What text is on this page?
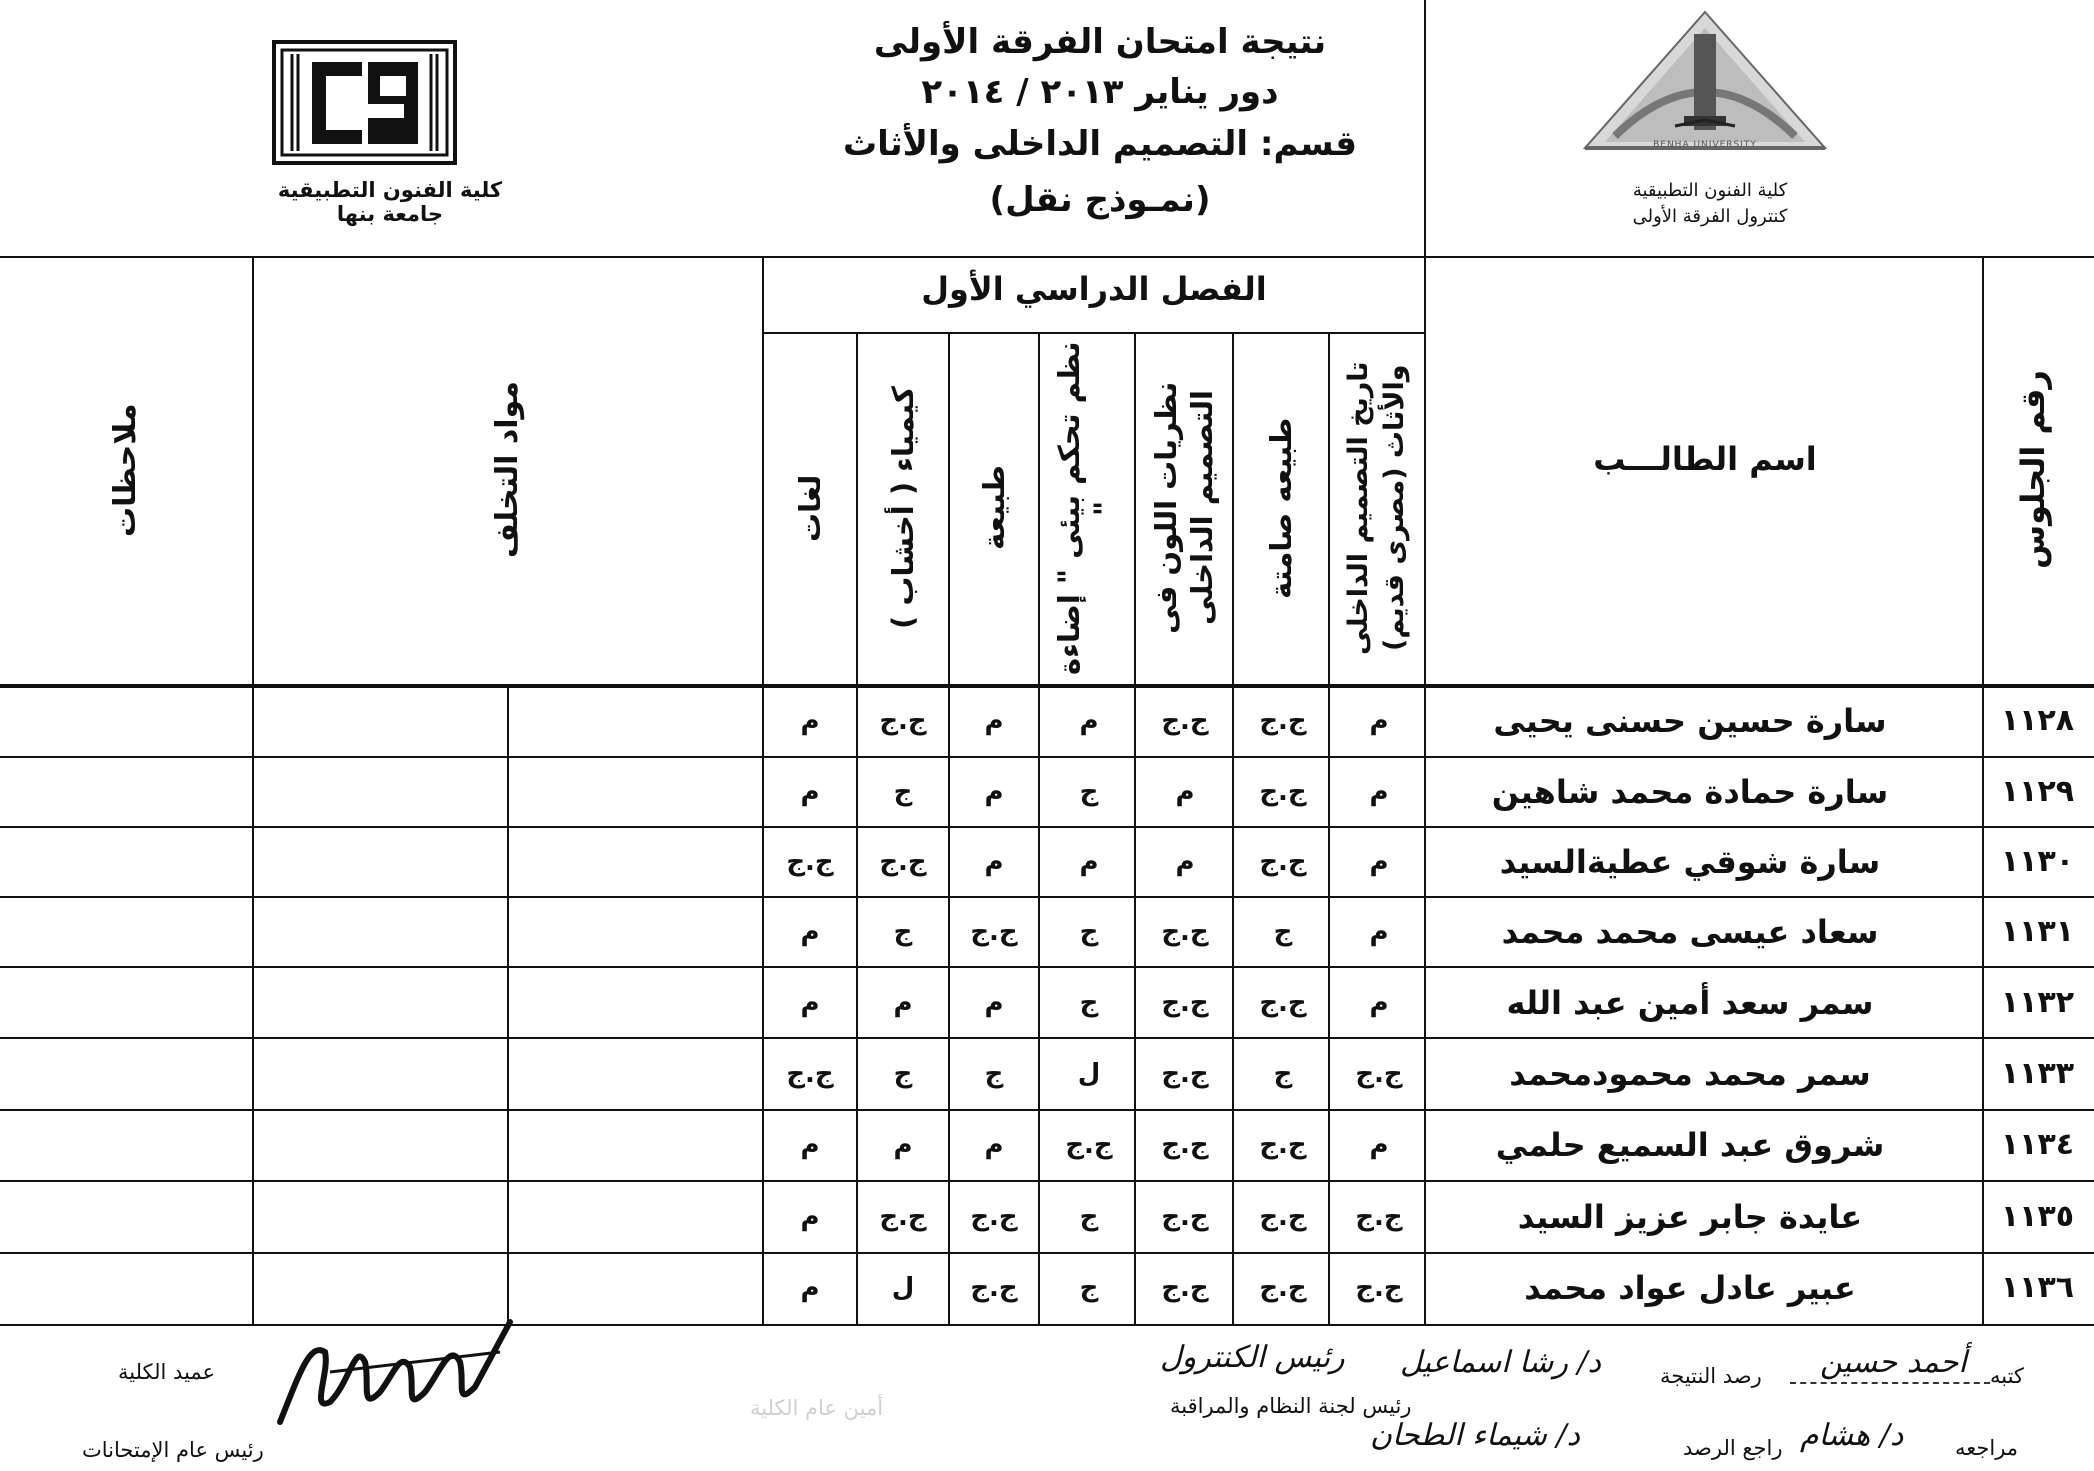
نتيجة امتحان الفرقة الأولى
دور يناير ٢٠١٣ / ٢٠١٤
قسم: التصميم الداخلى والأثاث
(نمـوذج نقل)
كلية الفنون التطبيقية
جامعة بنها
BENHA UNIVERSITY
كلية الفنون التطبيقية
كنترول الفرقة الأولى
رقم الجلوس
اسم الطالـــب
الفصل الدراسي الأول
تاريخ التصميم الداخلى والأثاث (مصرى قديم)
طبيعه صامتة
نظريات اللون فى التصميم الداخلى
نظم تحكم بيئى " إضاءة "
طبيعة
كيمياء ( أخشاب )
لغات
مواد التخلف
ملاحظات
١١٢٨
سارة حسين حسنى يحيى
م
ج.ج
ج.ج
م
م
ج.ج
م
١١٢٩
سارة حمادة محمد شاهين
م
ج.ج
م
ج
م
ج
م
١١٣٠
سارة شوقي عطيةالسيد
م
ج.ج
م
م
م
ج.ج
ج.ج
١١٣١
سعاد عيسى محمد محمد
م
ج
ج.ج
ج
ج.ج
ج
م
١١٣٢
سمر سعد أمين عبد الله
م
ج.ج
ج.ج
ج
م
م
م
١١٣٣
سمر محمد محمودمحمد
ج.ج
ج
ج.ج
ل
ج
ج
ج.ج
١١٣٤
شروق عبد السميع حلمي
م
ج.ج
ج.ج
ج.ج
م
م
م
١١٣٥
عايدة جابر عزيز السيد
ج.ج
ج.ج
ج.ج
ج
ج.ج
ج.ج
م
١١٣٦
عبير عادل عواد محمد
ج.ج
ج.ج
ج.ج
ج
ج.ج
ل
م
كتبه
أحمد حسين
رصد النتيجة
د/ رشا اسماعيل
رئيس الكنترول
رئيس لجنة النظام والمراقبة
مراجعه
د/ هشام
راجع الرصد
د/ شيماء الطحان
أمين عام الكلية
عميد الكلية
رئيس عام الإمتحانات
